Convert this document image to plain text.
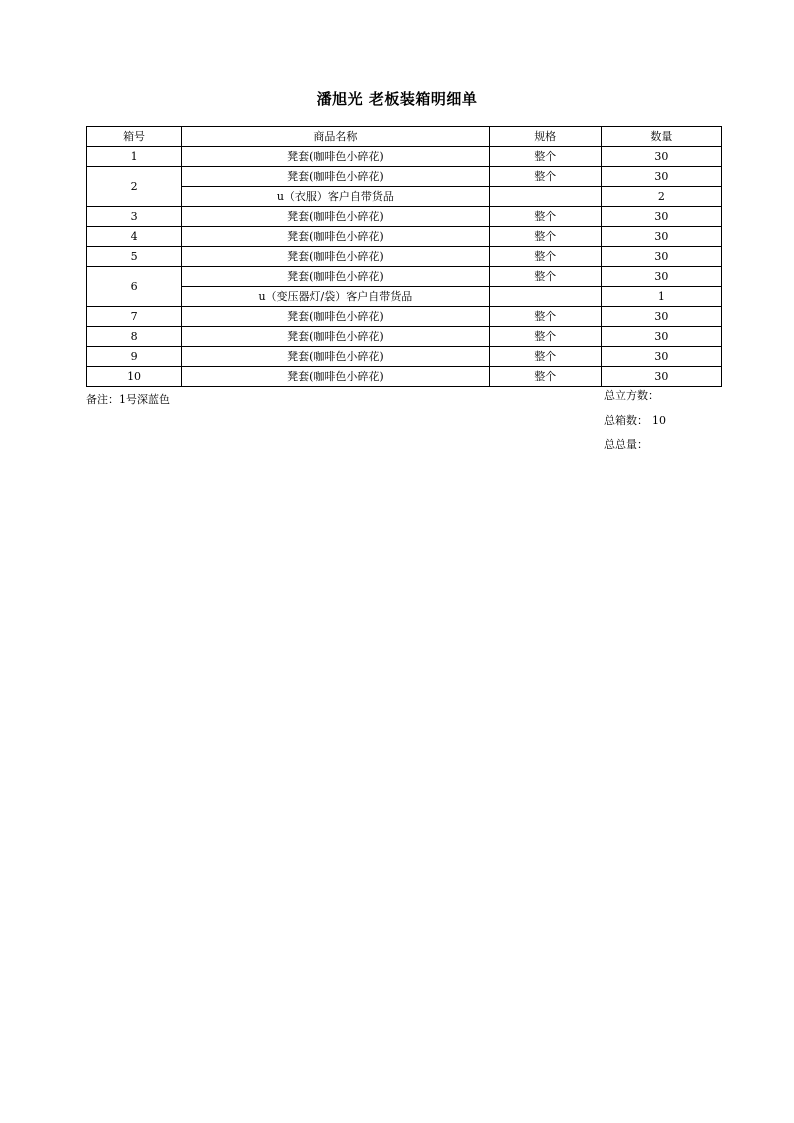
潘旭光 老板装箱明细单
箱号	商品名称	规格	数量
1	凳套(咖啡色小碎花)	整个	30
2	凳套(咖啡色小碎花)	整个	30
	u（衣服）客户自带货品		2
3	凳套(咖啡色小碎花)	整个	30
4	凳套(咖啡色小碎花)	整个	30
5	凳套(咖啡色小碎花)	整个	30
6	凳套(咖啡色小碎花)	整个	30
	u（变压器灯/袋）客户自带货品		1
7	凳套(咖啡色小碎花)	整个	30
8	凳套(咖啡色小碎花)	整个	30
9	凳套(咖啡色小碎花)	整个	30
10	凳套(咖啡色小碎花)	整个	30
备注：1号深蓝色	总立方数：
总箱数： 10
总总量：
